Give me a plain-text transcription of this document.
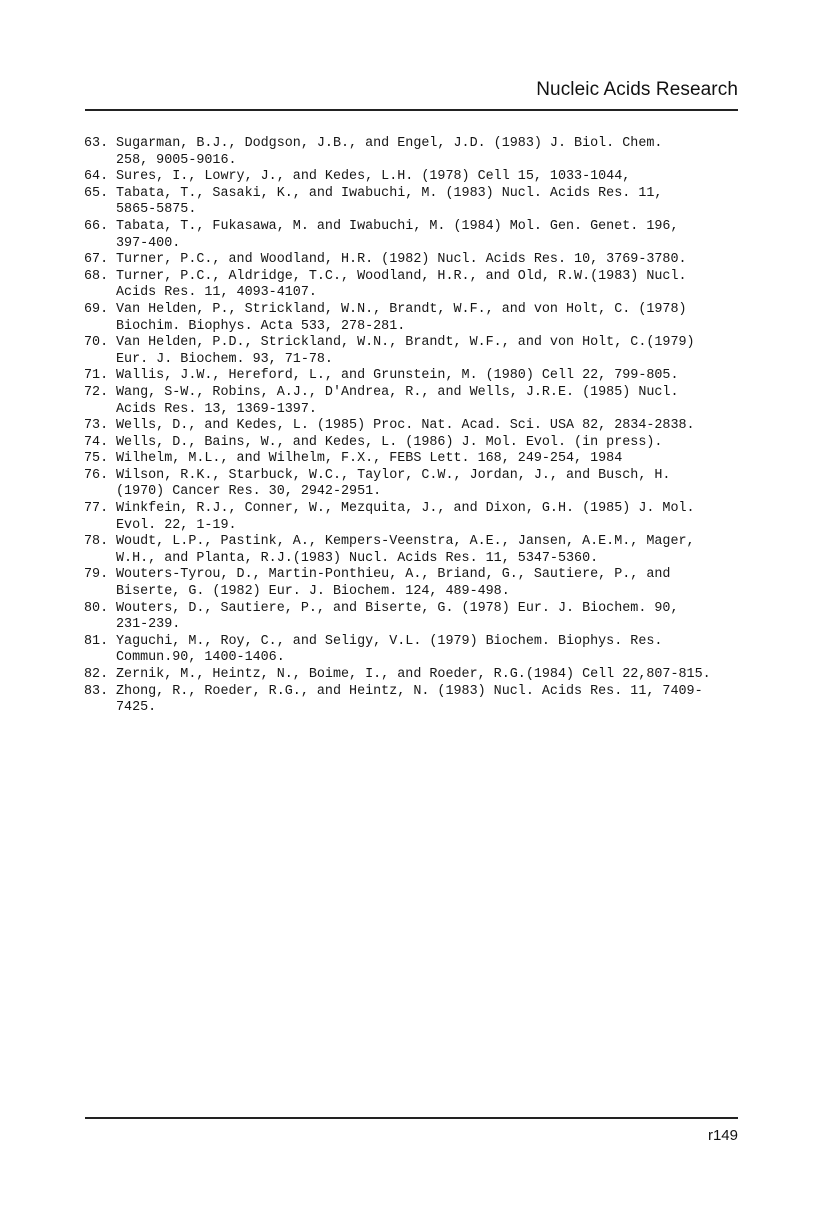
Nucleic Acids Research
63. Sugarman, B.J., Dodgson, J.B., and Engel, J.D. (1983) J. Biol. Chem.
258, 9005-9016.
64. Sures, I., Lowry, J., and Kedes, L.H. (1978) Cell 15, 1033-1044,
65. Tabata, T., Sasaki, K., and Iwabuchi, M. (1983) Nucl. Acids Res. 11,
5865-5875.
66. Tabata, T., Fukasawa, M. and Iwabuchi, M. (1984) Mol. Gen. Genet. 196,
397-400.
67. Turner, P.C., and Woodland, H.R. (1982) Nucl. Acids Res. 10, 3769-3780.
68. Turner, P.C., Aldridge, T.C., Woodland, H.R., and Old, R.W.(1983) Nucl.
Acids Res. 11, 4093-4107.
69. Van Helden, P., Strickland, W.N., Brandt, W.F., and von Holt, C. (1978)
Biochim. Biophys. Acta 533, 278-281.
70. Van Helden, P.D., Strickland, W.N., Brandt, W.F., and von Holt, C.(1979)
Eur. J. Biochem. 93, 71-78.
71. Wallis, J.W., Hereford, L., and Grunstein, M. (1980) Cell 22, 799-805.
72. Wang, S-W., Robins, A.J., D'Andrea, R., and Wells, J.R.E. (1985) Nucl.
Acids Res. 13, 1369-1397.
73. Wells, D., and Kedes, L. (1985) Proc. Nat. Acad. Sci. USA 82, 2834-2838.
74. Wells, D., Bains, W., and Kedes, L. (1986) J. Mol. Evol. (in press).
75. Wilhelm, M.L., and Wilhelm, F.X., FEBS Lett. 168, 249-254, 1984
76. Wilson, R.K., Starbuck, W.C., Taylor, C.W., Jordan, J., and Busch, H.
(1970) Cancer Res. 30, 2942-2951.
77. Winkfein, R.J., Conner, W., Mezquita, J., and Dixon, G.H. (1985) J. Mol.
Evol. 22, 1-19.
78. Woudt, L.P., Pastink, A., Kempers-Veenstra, A.E., Jansen, A.E.M., Mager,
W.H., and Planta, R.J.(1983) Nucl. Acids Res. 11, 5347-5360.
79. Wouters-Tyrou, D., Martin-Ponthieu, A., Briand, G., Sautiere, P., and
Biserte, G. (1982) Eur. J. Biochem. 124, 489-498.
80. Wouters, D., Sautiere, P., and Biserte, G. (1978) Eur. J. Biochem. 90,
231-239.
81. Yaguchi, M., Roy, C., and Seligy, V.L. (1979) Biochem. Biophys. Res.
Commun.90, 1400-1406.
82. Zernik, M., Heintz, N., Boime, I., and Roeder, R.G.(1984) Cell 22,807-815.
83. Zhong, R., Roeder, R.G., and Heintz, N. (1983) Nucl. Acids Res. 11, 7409-
7425.
r149
